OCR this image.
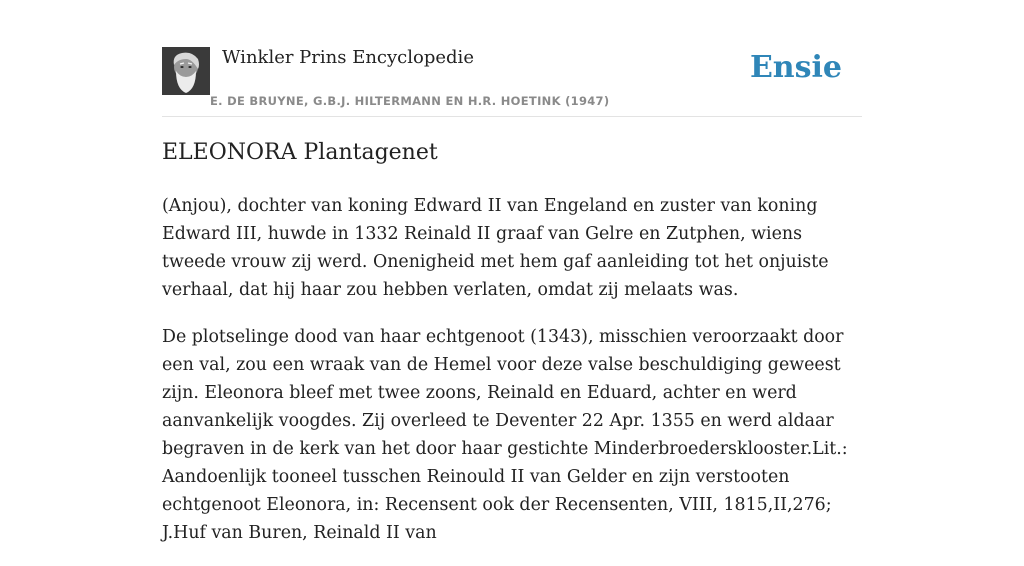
Winkler Prins Encyclopedie
E. DE BRUYNE, G.B.J. HILTERMANN EN H.R. HOETINK (1947)
Ensie
ELEONORA Plantagenet

(Anjou), dochter van koning Edward II van Engeland en zuster van koning Edward III, huwde in 1332 Reinald II graaf van Gelre en Zutphen, wiens tweede vrouw zij werd. Onenigheid met hem gaf aanleiding tot het onjuiste verhaal, dat hij haar zou hebben verlaten, omdat zij melaats was.

De plotselinge dood van haar echtgenoot (1343), misschien veroorzaakt door een val, zou een wraak van de Hemel voor deze valse beschuldiging geweest zijn. Eleonora bleef met twee zoons, Reinald en Eduard, achter en werd aanvankelijk voogdes. Zij overleed te Deventer 22 Apr. 1355 en werd aldaar begraven in de kerk van het door haar gestichte Minderbroedersklooster.Lit.: Aandoenlijk tooneel tusschen Reinould II van Gelder en zijn verstooten echtgenoot Eleonora, in: Recensent ook der Recensenten, VIII, 1815,II,276; J.Huf van Buren, Reinald II van
